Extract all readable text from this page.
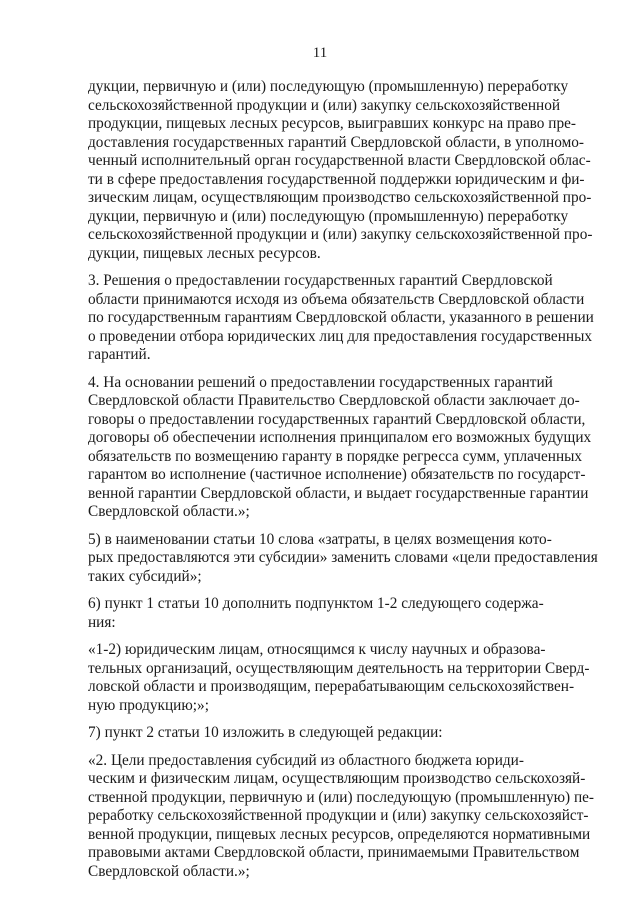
11

дукции, первичную и (или) последующую (промышленную) переработку
сельскохозяйственной продукции и (или) закупку сельскохозяйственной
продукции, пищевых лесных ресурсов, выигравших конкурс на право пре-
доставления государственных гарантий Свердловской области, в уполномо-
ченный исполнительный орган государственной власти Свердловской облас-
ти в сфере предоставления государственной поддержки юридическим и фи-
зическим лицам, осуществляющим производство сельскохозяйственной про-
дукции, первичную и (или) последующую (промышленную) переработку
сельскохозяйственной продукции и (или) закупку сельскохозяйственной про-
дукции, пищевых лесных ресурсов.

3. Решения о предоставлении государственных гарантий Свердловской
области принимаются исходя из объема обязательств Свердловской области
по государственным гарантиям Свердловской области, указанного в решении
о проведении отбора юридических лиц для предоставления государственных
гарантий.

4. На основании решений о предоставлении государственных гарантий
Свердловской области Правительство Свердловской области заключает до-
говоры о предоставлении государственных гарантий Свердловской области,
договоры об обеспечении исполнения принципалом его возможных будущих
обязательств по возмещению гаранту в порядке регресса сумм, уплаченных
гарантом во исполнение (частичное исполнение) обязательств по государст-
венной гарантии Свердловской области, и выдает государственные гарантии
Свердловской области.»;

5) в наименовании статьи 10 слова «затраты, в целях возмещения кото-
рых предоставляются эти субсидии» заменить словами «цели предоставления
таких субсидий»;

6) пункт 1 статьи 10 дополнить подпунктом 1-2 следующего содержа-
ния:

«1-2) юридическим лицам, относящимся к числу научных и образова-
тельных организаций, осуществляющим деятельность на территории Сверд-
ловской области и производящим, перерабатывающим сельскохозяйствен-
ную продукцию;»;

7) пункт 2 статьи 10 изложить в следующей редакции:

«2. Цели предоставления субсидий из областного бюджета юриди-
ческим и физическим лицам, осуществляющим производство сельскохозяй-
ственной продукции, первичную и (или) последующую (промышленную) пе-
реработку сельскохозяйственной продукции и (или) закупку сельскохозяйст-
венной продукции, пищевых лесных ресурсов, определяются нормативными
правовыми актами Свердловской области, принимаемыми Правительством
Свердловской области.»;
